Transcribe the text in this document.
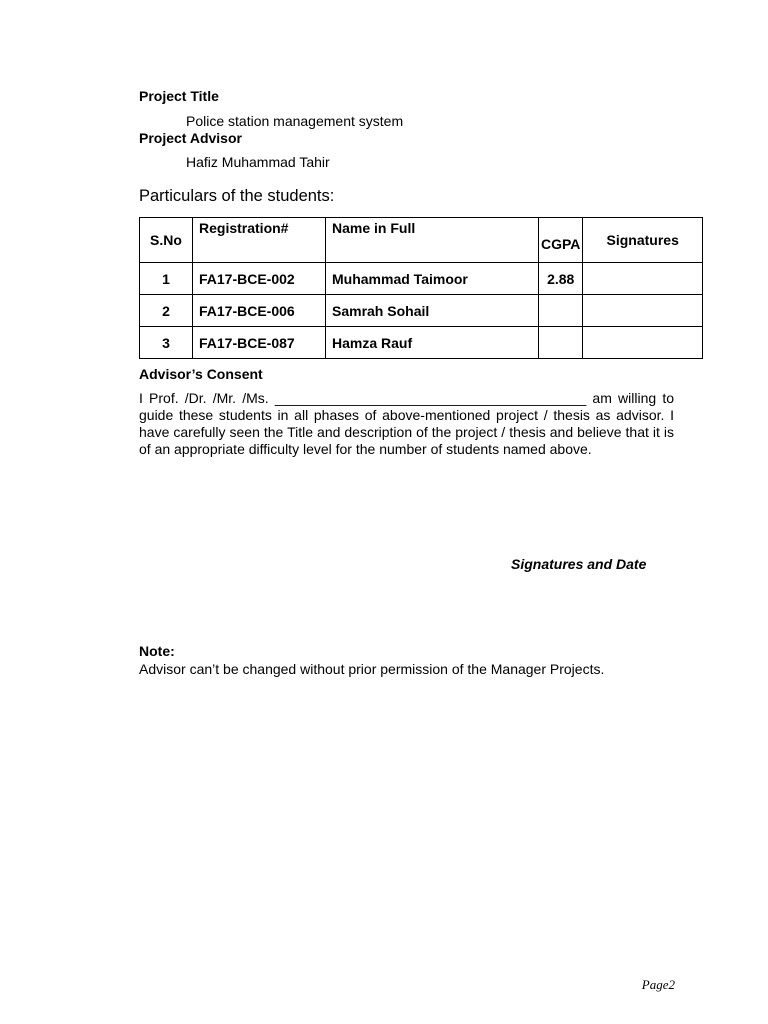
Project Title
Police station management system
Project Advisor
Hafiz Muhammad Tahir
Particulars of the students:
S.No	Registration#	Name in Full	CGPA	Signatures
1	FA17-BCE-002	Muhammad Taimoor	2.88	
2	FA17-BCE-006	Samrah Sohail		
3	FA17-BCE-087	Hamza Rauf		
Advisor’s Consent
I Prof. /Dr. /Mr. /Ms. ________________________________________ am willing to guide these students in all phases of above-mentioned project / thesis as advisor. I have carefully seen the Title and description of the project / thesis and believe that it is of an appropriate difficulty level for the number of students named above.
Signatures and Date
Note:
Advisor can’t be changed without prior permission of the Manager Projects.
Page2
